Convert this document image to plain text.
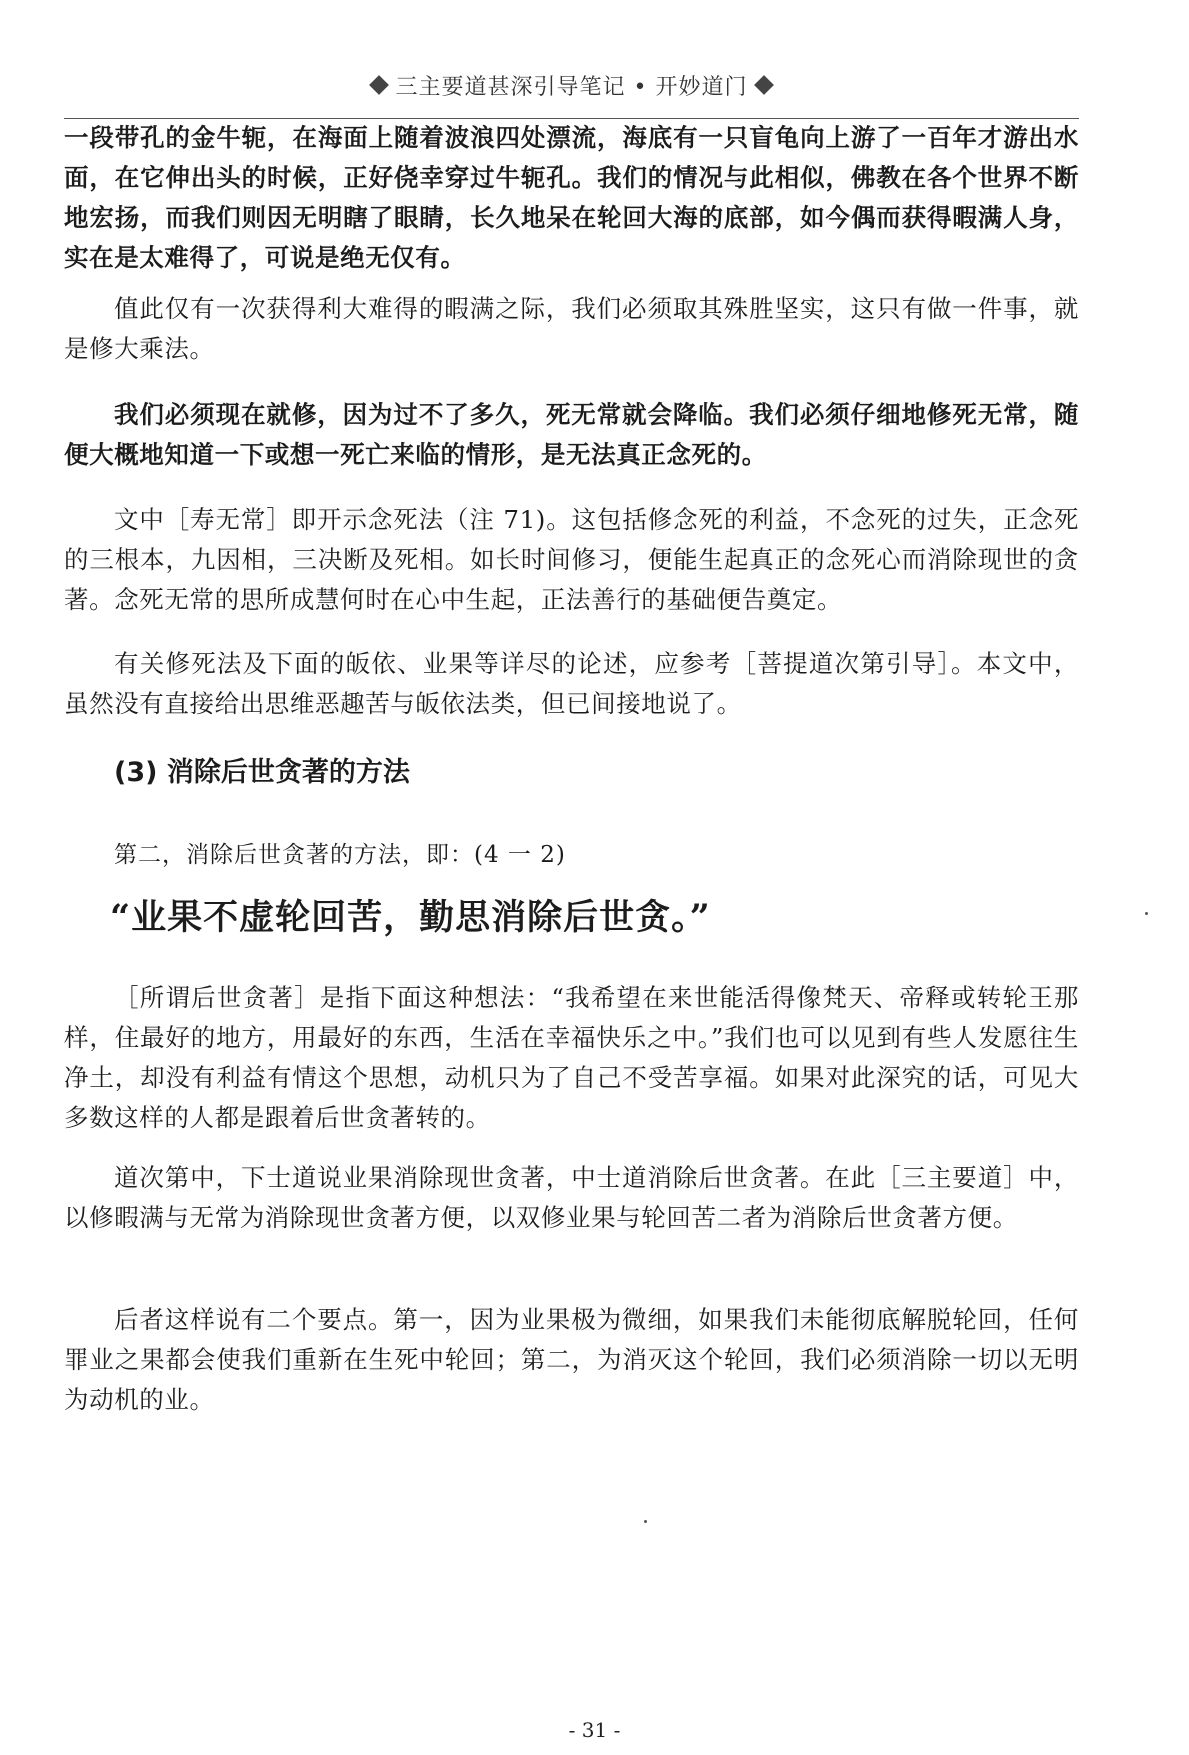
三主要道甚深引导笔记 • 开妙道门

一段带孔的金牛轭，在海面上随着波浪四处漂流，海底有一只盲龟向上游了一百年才游出水面，在它伸出头的时候，正好侥幸穿过牛轭孔。我们的情况与此相似，佛教在各个世界不断地宏扬，而我们则因无明瞎了眼睛，长久地呆在轮回大海的底部，如今偶而获得暇满人身，实在是太难得了，可说是绝无仅有。

值此仅有一次获得利大难得的暇满之际，我们必须取其殊胜坚实，这只有做一件事，就是修大乘法。

我们必须现在就修，因为过不了多久，死无常就会降临。我们必须仔细地修死无常，随便大概地知道一下或想一死亡来临的情形，是无法真正念死的。

文中［寿无常］即开示念死法（注 71)。这包括修念死的利益，不念死的过失，正念死的三根本，九因相，三决断及死相。如长时间修习，便能生起真正的念死心而消除现世的贪著。念死无常的思所成慧何时在心中生起，正法善行的基础便告奠定。

有关修死法及下面的皈依、业果等详尽的论述，应参考［菩提道次第引导］。本文中，虽然没有直接给出思维恶趣苦与皈依法类，但已间接地说了。

(3) 消除后世贪著的方法

第二，消除后世贪著的方法，即：(4 一 2)

“业果不虚轮回苦，勤思消除后世贪。”

［所谓后世贪著］是指下面这种想法：“我希望在来世能活得像梵天、帝释或转轮王那样，住最好的地方，用最好的东西，生活在幸福快乐之中。”我们也可以见到有些人发愿往生净土，却没有利益有情这个思想，动机只为了自己不受苦享福。如果对此深究的话，可见大多数这样的人都是跟着后世贪著转的。

道次第中，下士道说业果消除现世贪著，中士道消除后世贪著。在此［三主要道］中，以修暇满与无常为消除现世贪著方便，以双修业果与轮回苦二者为消除后世贪著方便。

后者这样说有二个要点。第一，因为业果极为微细，如果我们未能彻底解脱轮回，任何罪业之果都会使我们重新在生死中轮回；第二，为消灭这个轮回，我们必须消除一切以无明为动机的业。

- 31 -
